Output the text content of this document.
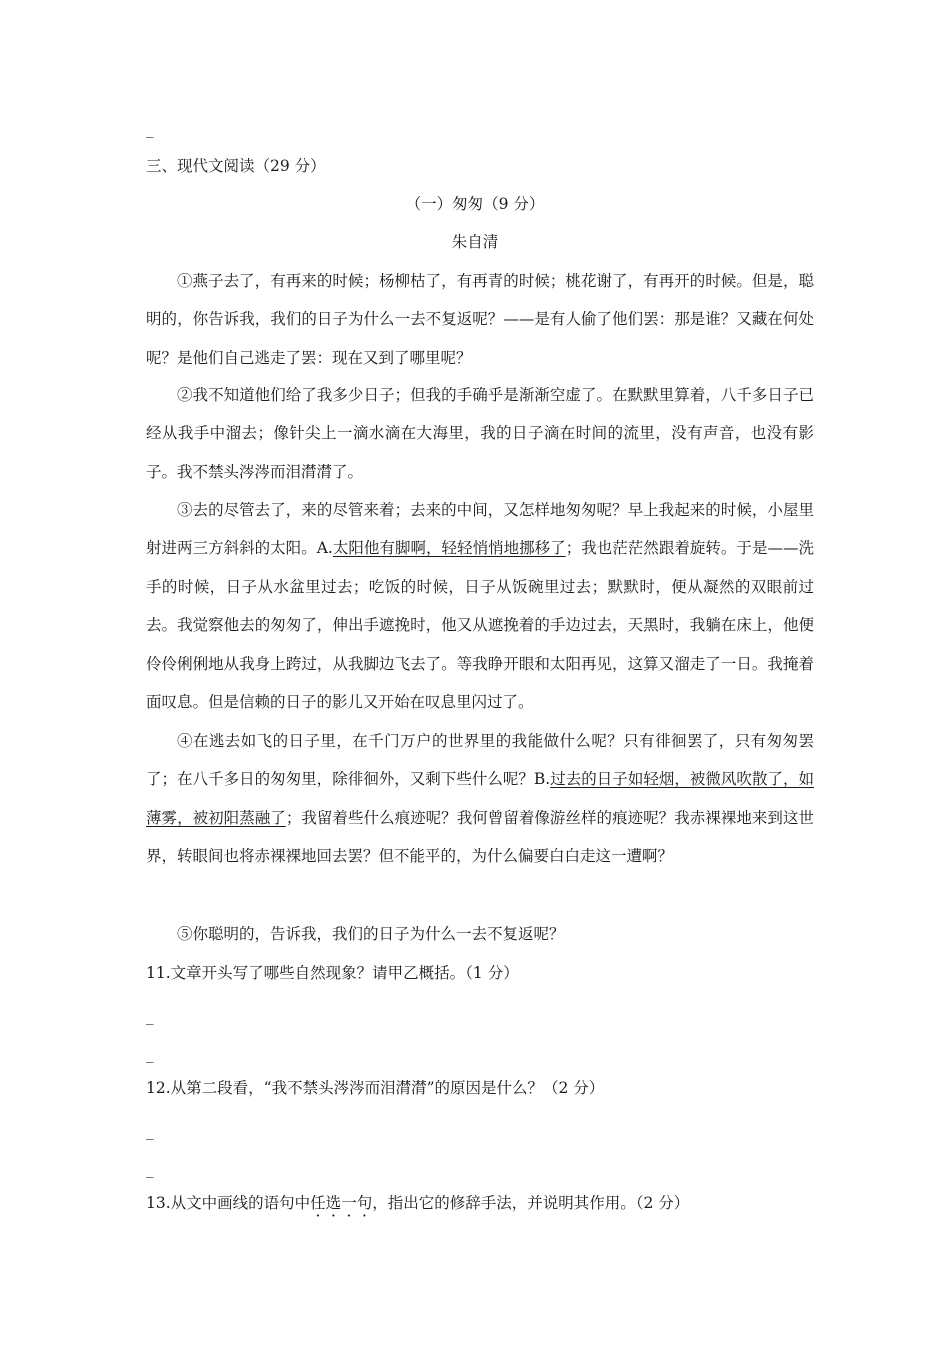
_
三、现代文阅读（29 分）
（一）匆匆（9 分）
朱自清

①燕子去了，有再来的时候；杨柳枯了，有再青的时候；桃花谢了，有再开的时候。但是，聪明的，你告诉我，我们的日子为什么一去不复返呢？——是有人偷了他们罢：那是谁？又藏在何处呢？是他们自己逃走了罢：现在又到了哪里呢？

②我不知道他们给了我多少日子；但我的手确乎是渐渐空虚了。在默默里算着，八千多日子已经从我手中溜去；像针尖上一滴水滴在大海里，我的日子滴在时间的流里，没有声音，也没有影子。我不禁头涔涔而泪潸潸了。

③去的尽管去了，来的尽管来着；去来的中间，又怎样地匆匆呢？早上我起来的时候，小屋里射进两三方斜斜的太阳。A.太阳他有脚啊，轻轻悄悄地挪移了；我也茫茫然跟着旋转。于是——洗手的时候，日子从水盆里过去；吃饭的时候，日子从饭碗里过去；默默时，便从凝然的双眼前过去。我觉察他去的匆匆了，伸出手遮挽时，他又从遮挽着的手边过去，天黑时，我躺在床上，他便伶伶俐俐地从我身上跨过，从我脚边飞去了。等我睁开眼和太阳再见，这算又溜走了一日。我掩着面叹息。但是信赖的日子的影儿又开始在叹息里闪过了。

④在逃去如飞的日子里，在千门万户的世界里的我能做什么呢？只有徘徊罢了，只有匆匆罢了；在八千多日的匆匆里，除徘徊外，又剩下些什么呢？B.过去的日子如轻烟，被微风吹散了，如薄雾，被初阳蒸融了；我留着些什么痕迹呢？我何曾留着像游丝样的痕迹呢？我赤裸裸地来到这世界，转眼间也将赤裸裸地回去罢？但不能平的，为什么偏要白白走这一遭啊？

⑤你聪明的，告诉我，我们的日子为什么一去不复返呢？

11.文章开头写了哪些自然现象？请甲乙概括。（1 分）
_
_
12.从第二段看，“我不禁头涔涔而泪潸潸”的原因是什么？（2 分）
_
_
13.从文中画线的语句中任选一句，指出它的修辞手法，并说明其作用。（2 分）
